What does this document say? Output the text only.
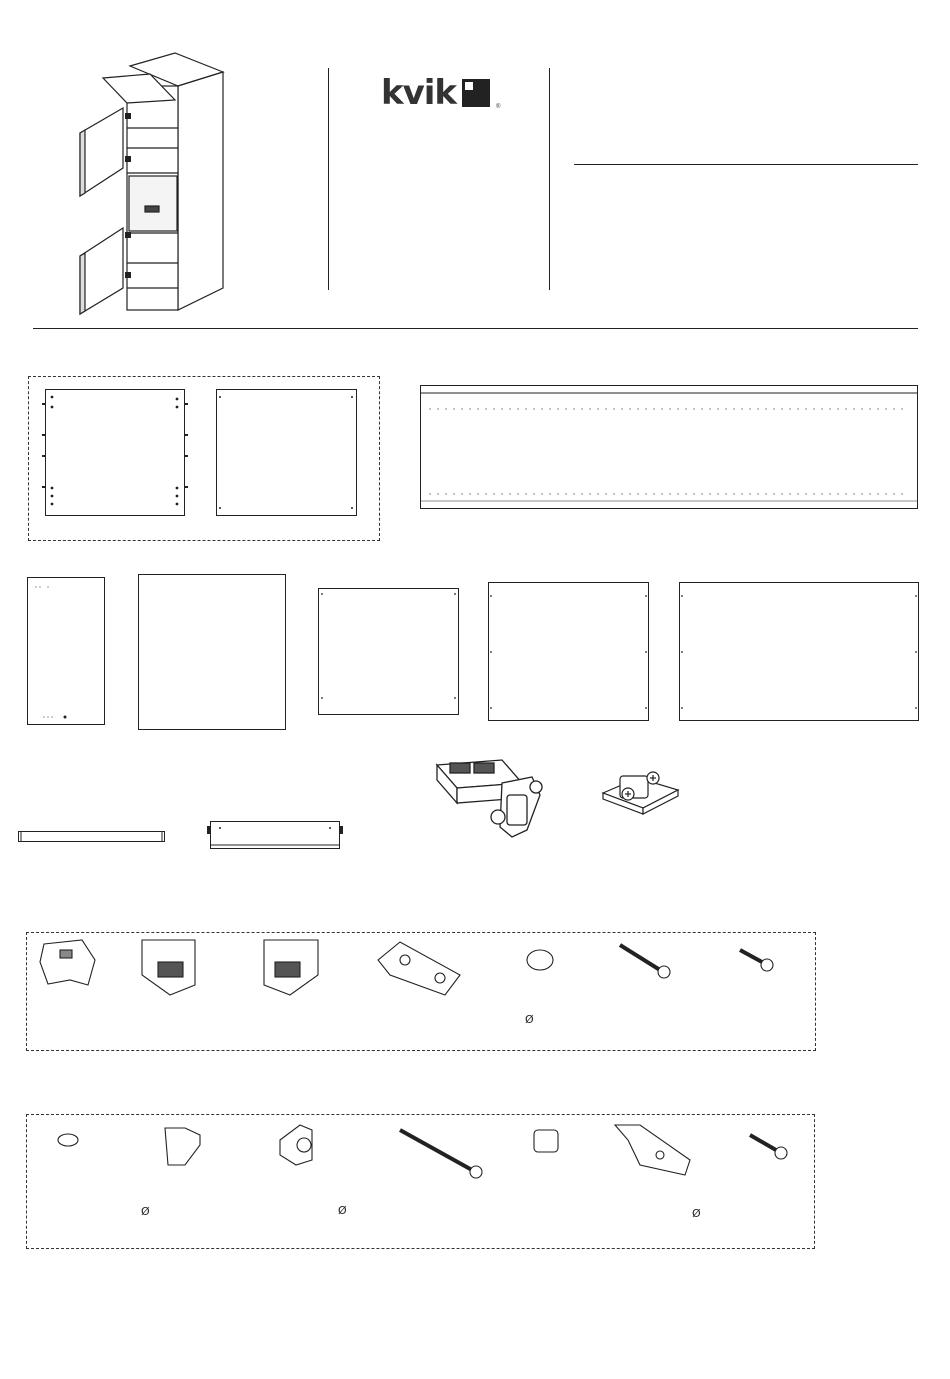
kvik	®
Ø
Ø	Ø	Ø
